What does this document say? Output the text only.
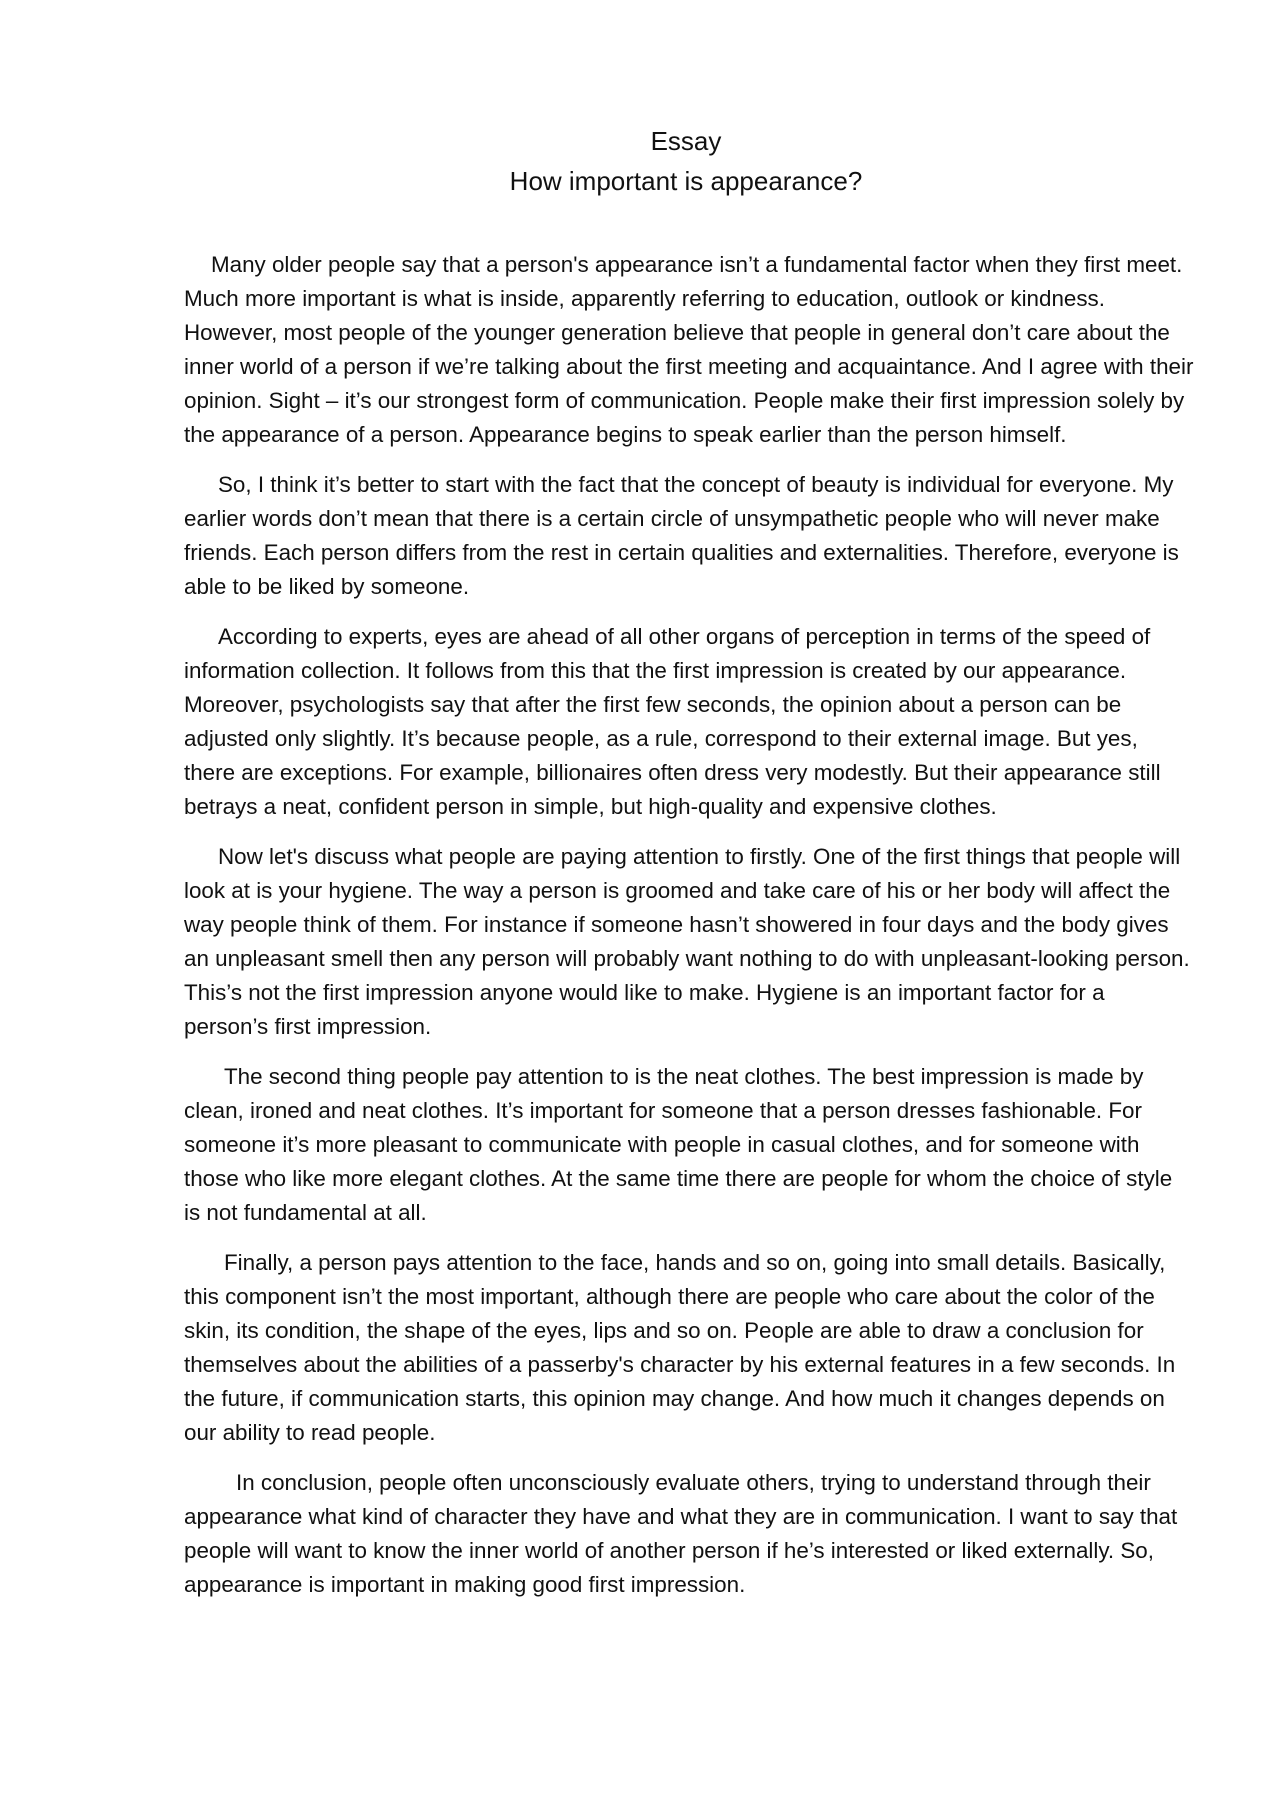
Essay

How important is appearance?

Many older people say that a person's appearance isn’t a fundamental factor when they first meet. Much more important is what is inside, apparently referring to education, outlook or kindness. However, most people of the younger generation believe that people in general don’t care about the inner world of a person if we’re talking about the first meeting and acquaintance. And I agree with their opinion. Sight – it’s our strongest form of communication. People make their first impression solely by the appearance of a person. Appearance begins to speak earlier than the person himself.

So, I think it’s better to start with the fact that the concept of beauty is individual for everyone. My earlier words don’t mean that there is a certain circle of unsympathetic people who will never make friends. Each person differs from the rest in certain qualities and externalities. Therefore, everyone is able to be liked by someone.

According to experts, eyes are ahead of all other organs of perception in terms of the speed of information collection. It follows from this that the first impression is created by our appearance. Moreover, psychologists say that after the first few seconds, the opinion about a person can be adjusted only slightly. It’s because people, as a rule, correspond to their external image. But yes, there are exceptions. For example, billionaires often dress very modestly. But their appearance still betrays a neat, confident person in simple, but high-quality and expensive clothes.

Now let's discuss what people are paying attention to firstly. One of the first things that people will look at is your hygiene. The way a person is groomed and take care of his or her body will affect the way people think of them. For instance if someone hasn’t showered in four days and the body gives an unpleasant smell then any person will probably want nothing to do with unpleasant-looking person. This’s not the first impression anyone would like to make. Hygiene is an important factor for a person’s first impression.

The second thing people pay attention to is the neat clothes. The best impression is made by clean, ironed and neat clothes. It’s important for someone that a person dresses fashionable. For someone it’s more pleasant to communicate with people in casual clothes, and for someone with those who like more elegant clothes. At the same time there are people for whom the choice of style is not fundamental at all.

Finally, a person pays attention to the face, hands and so on, going into small details. Basically, this component isn’t the most important, although there are people who care about the color of the skin, its condition, the shape of the eyes, lips and so on. People are able to draw a conclusion for themselves about the abilities of a passerby's character by his external features in a few seconds. In the future, if communication starts, this opinion may change. And how much it changes depends on our ability to read people.

In conclusion, people often unconsciously evaluate others, trying to understand through their appearance what kind of character they have and what they are in communication. I want to say that people will want to know the inner world of another person if he’s interested or liked externally. So, appearance is important in making good first impression.
